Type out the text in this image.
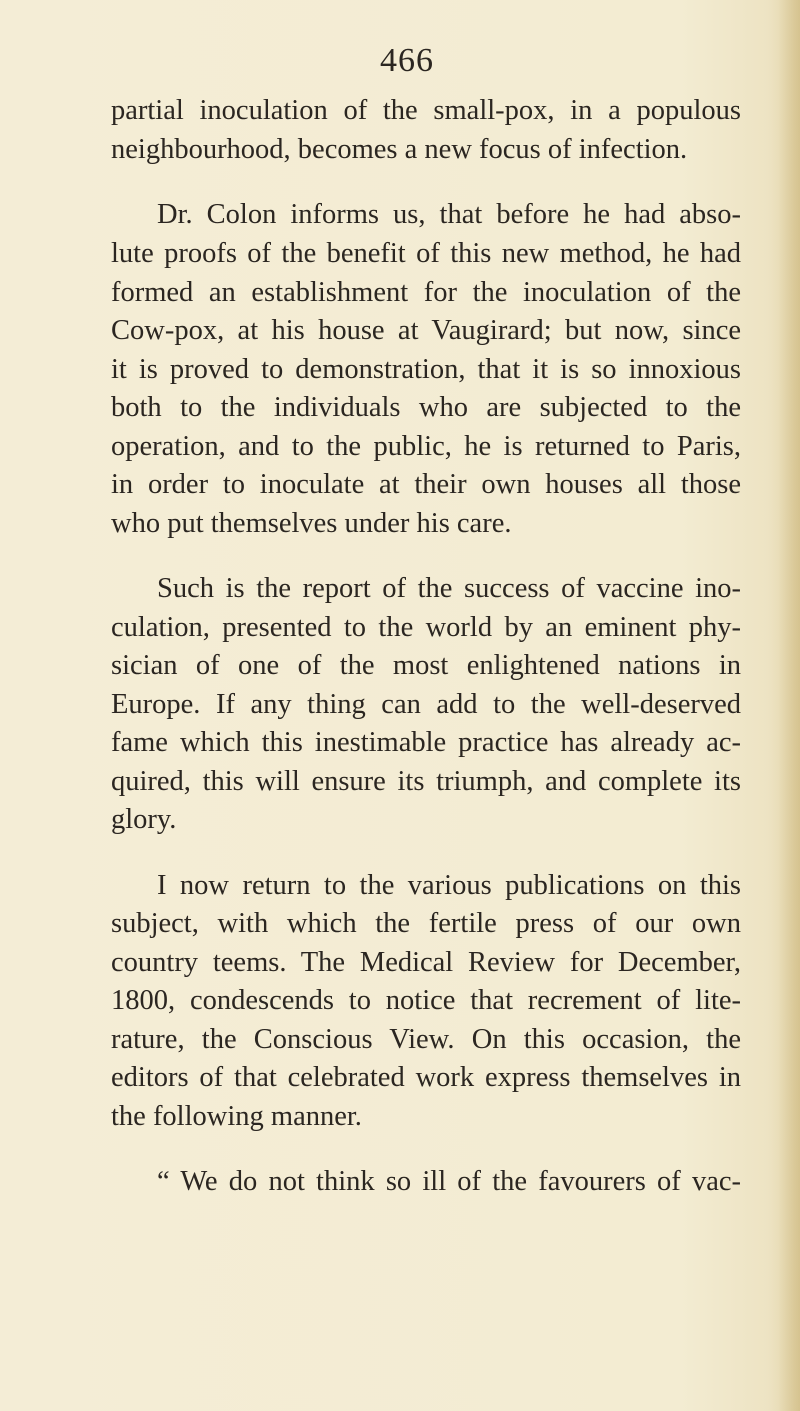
466
partial inoculation of the small-pox, in a populous
neighbourhood, becomes a new focus of infection.
Dr. Colon informs us, that before he had abso-
lute proofs of the benefit of this new method, he had
formed an establishment for the inoculation of the
Cow-pox, at his house at Vaugirard; but now, since
it is proved to demonstration, that it is so innoxious
both to the individuals who are subjected to the
operation, and to the public, he is returned to Paris,
in order to inoculate at their own houses all those
who put themselves under his care.
Such is the report of the success of vaccine ino-
culation, presented to the world by an eminent phy-
sician of one of the most enlightened nations in
Europe. If any thing can add to the well-deserved
fame which this inestimable practice has already ac-
quired, this will ensure its triumph, and complete its
glory.
I now return to the various publications on this
subject, with which the fertile press of our own
country teems. The Medical Review for December,
1800, condescends to notice that recrement of lite-
rature, the Conscious View. On this occasion, the
editors of that celebrated work express themselves in
the following manner.
“ We do not think so ill of the favourers of vac-
